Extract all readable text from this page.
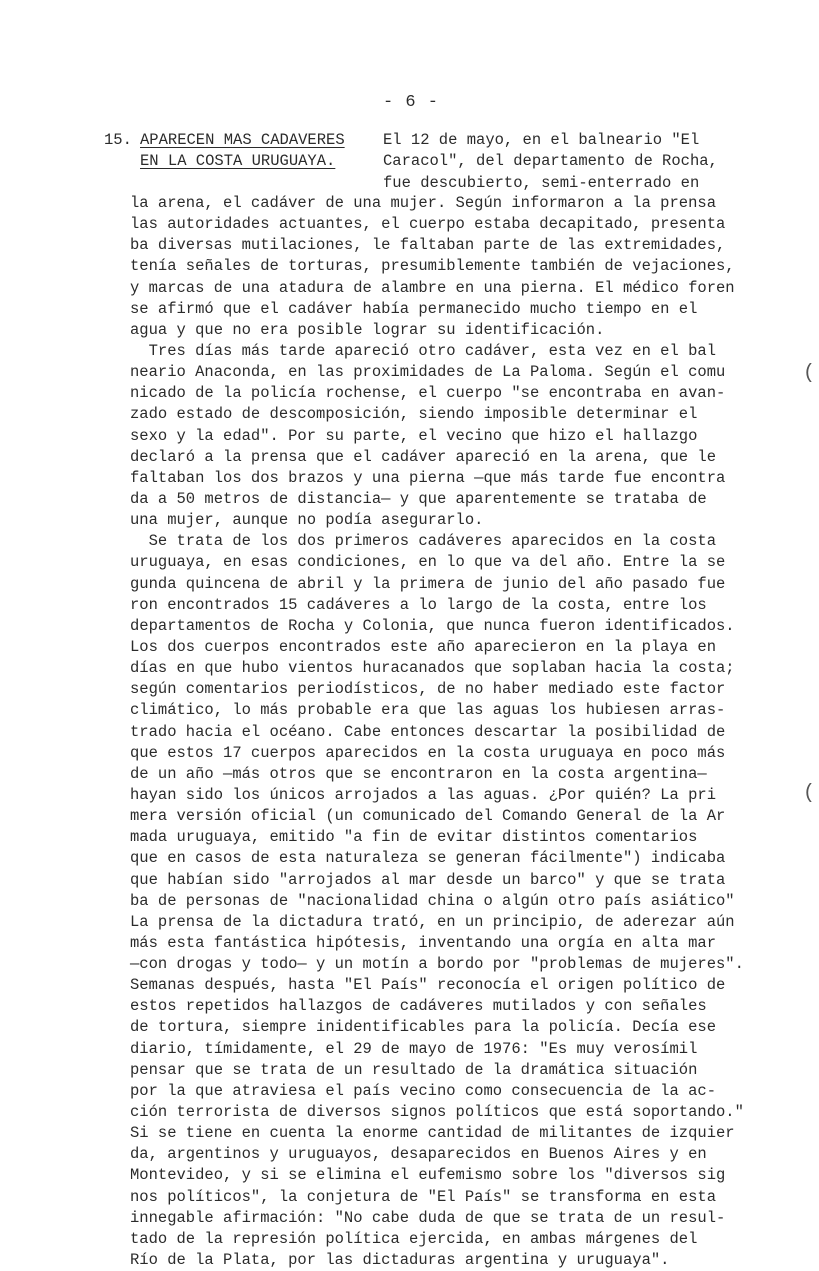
- 6 -
15. APARECEN MAS CADAVERES
EN LA COSTA URUGUAYA.
El 12 de mayo, en el balneario "El
Caracol", del departamento de Rocha,
fue descubierto, semi-enterrado en
la arena, el cadáver de una mujer. Según informaron a la prensa
las autoridades actuantes, el cuerpo estaba decapitado, presenta
ba diversas mutilaciones, le faltaban parte de las extremidades,
tenía señales de torturas, presumiblemente también de vejaciones,
y marcas de una atadura de alambre en una pierna. El médico foren
se afirmó que el cadáver había permanecido mucho tiempo en el
agua y que no era posible lograr su identificación.
Tres días más tarde apareció otro cadáver, esta vez en el bal
neario Anaconda, en las proximidades de La Paloma. Según el comu
nicado de la policía rochense, el cuerpo "se encontraba en avan-
zado estado de descomposición, siendo imposible determinar el
sexo y la edad". Por su parte, el vecino que hizo el hallazgo
declaró a la prensa que el cadáver apareció en la arena, que le
faltaban los dos brazos y una pierna —que más tarde fue encontra
da a 50 metros de distancia— y que aparentemente se trataba de
una mujer, aunque no podía asegurarlo.
Se trata de los dos primeros cadáveres aparecidos en la costa
uruguaya, en esas condiciones, en lo que va del año. Entre la se
gunda quincena de abril y la primera de junio del año pasado fue
ron encontrados 15 cadáveres a lo largo de la costa, entre los
departamentos de Rocha y Colonia, que nunca fueron identificados.
Los dos cuerpos encontrados este año aparecieron en la playa en
días en que hubo vientos huracanados que soplaban hacia la costa;
según comentarios periodísticos, de no haber mediado este factor
climático, lo más probable era que las aguas los hubiesen arras-
trado hacia el océano. Cabe entonces descartar la posibilidad de
que estos 17 cuerpos aparecidos en la costa uruguaya en poco más
de un año —más otros que se encontraron en la costa argentina—
hayan sido los únicos arrojados a las aguas. ¿Por quién? La pri
mera versión oficial (un comunicado del Comando General de la Ar
mada uruguaya, emitido "a fin de evitar distintos comentarios
que en casos de esta naturaleza se generan fácilmente") indicaba
que habían sido "arrojados al mar desde un barco" y que se trata
ba de personas de "nacionalidad china o algún otro país asiático"
La prensa de la dictadura trató, en un principio, de aderezar aún
más esta fantástica hipótesis, inventando una orgía en alta mar
—con drogas y todo— y un motín a bordo por "problemas de mujeres".
Semanas después, hasta "El País" reconocía el origen político de
estos repetidos hallazgos de cadáveres mutilados y con señales
de tortura, siempre inidentificables para la policía. Decía ese
diario, tímidamente, el 29 de mayo de 1976: "Es muy verosímil
pensar que se trata de un resultado de la dramática situación
por la que atraviesa el país vecino como consecuencia de la ac-
ción terrorista de diversos signos políticos que está soportando."
Si se tiene en cuenta la enorme cantidad de militantes de izquier
da, argentinos y uruguayos, desaparecidos en Buenos Aires y en
Montevideo, y si se elimina el eufemismo sobre los "diversos sig
nos políticos", la conjetura de "El País" se transforma en esta
innegable afirmación: "No cabe duda de que se trata de un resul-
tado de la represión política ejercida, en ambas márgenes del
Río de la Plata, por las dictaduras argentina y uruguaya".
(
(
